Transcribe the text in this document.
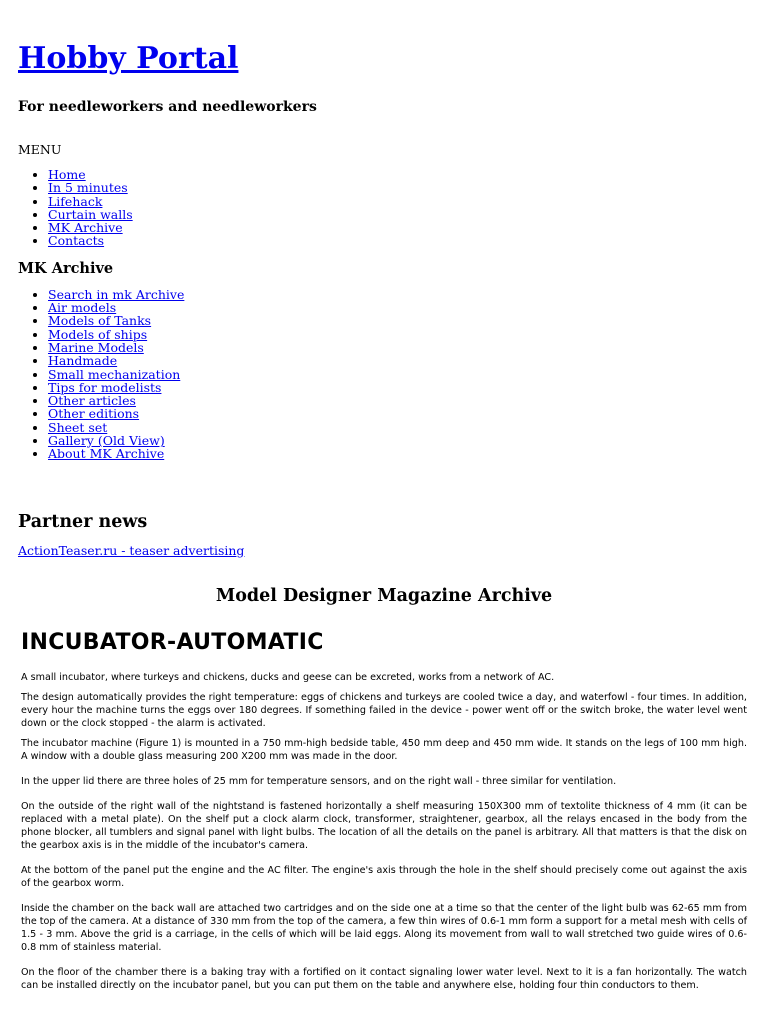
Hobby Portal

For needleworkers and needleworkers

MENU
• Home
• In 5 minutes
• Lifehack
• Curtain walls
• MK Archive
• Contacts
MK Archive
• Search in mk Archive
• Air models
• Models of Tanks
• Models of ships
• Marine Models
• Handmade
• Small mechanization
• Tips for modelists
• Other articles
• Other editions
• Sheet set
• Gallery (Old View)
• About MK Archive
Partner news
ActionTeaser.ru - teaser advertising
Model Designer Magazine Archive
INCUBATOR-AUTOMATIC

A small incubator, where turkeys and chickens, ducks and geese can be excreted, works from a network of AC.

The design automatically provides the right temperature: eggs of chickens and turkeys are cooled twice a day, and waterfowl - four times. In addition, every hour the machine turns the eggs over 180 degrees. If something failed in the device - power went off or the switch broke, the water level went down or the clock stopped - the alarm is activated.

The incubator machine (Figure 1) is mounted in a 750 mm-high bedside table, 450 mm deep and 450 mm wide. It stands on the legs of 100 mm high. A window with a double glass measuring 200 X200 mm was made in the door.

In the upper lid there are three holes of 25 mm for temperature sensors, and on the right wall - three similar for ventilation.

On the outside of the right wall of the nightstand is fastened horizontally a shelf measuring 150X300 mm of textolite thickness of 4 mm (it can be replaced with a metal plate). On the shelf put a clock alarm clock, transformer, straightener, gearbox, all the relays encased in the body from the phone blocker, all tumblers and signal panel with light bulbs. The location of all the details on the panel is arbitrary. All that matters is that the disk on the gearbox axis is in the middle of the incubator's camera.

At the bottom of the panel put the engine and the AC filter. The engine's axis through the hole in the shelf should precisely come out against the axis of the gearbox worm.

Inside the chamber on the back wall are attached two cartridges and on the side one at a time so that the center of the light bulb was 62-65 mm from the top of the camera. At a distance of 330 mm from the top of the camera, a few thin wires of 0.6-1 mm form a support for a metal mesh with cells of 1.5 - 3 mm. Above the grid is a carriage, in the cells of which will be laid eggs. Along its movement from wall to wall stretched two guide wires of 0.6-0.8 mm of stainless material.

On the floor of the chamber there is a baking tray with a fortified on it contact signaling lower water level. Next to it is a fan horizontally. The watch can be installed directly on the incubator panel, but you can put them on the table and anywhere else, holding four thin conductors to them.
